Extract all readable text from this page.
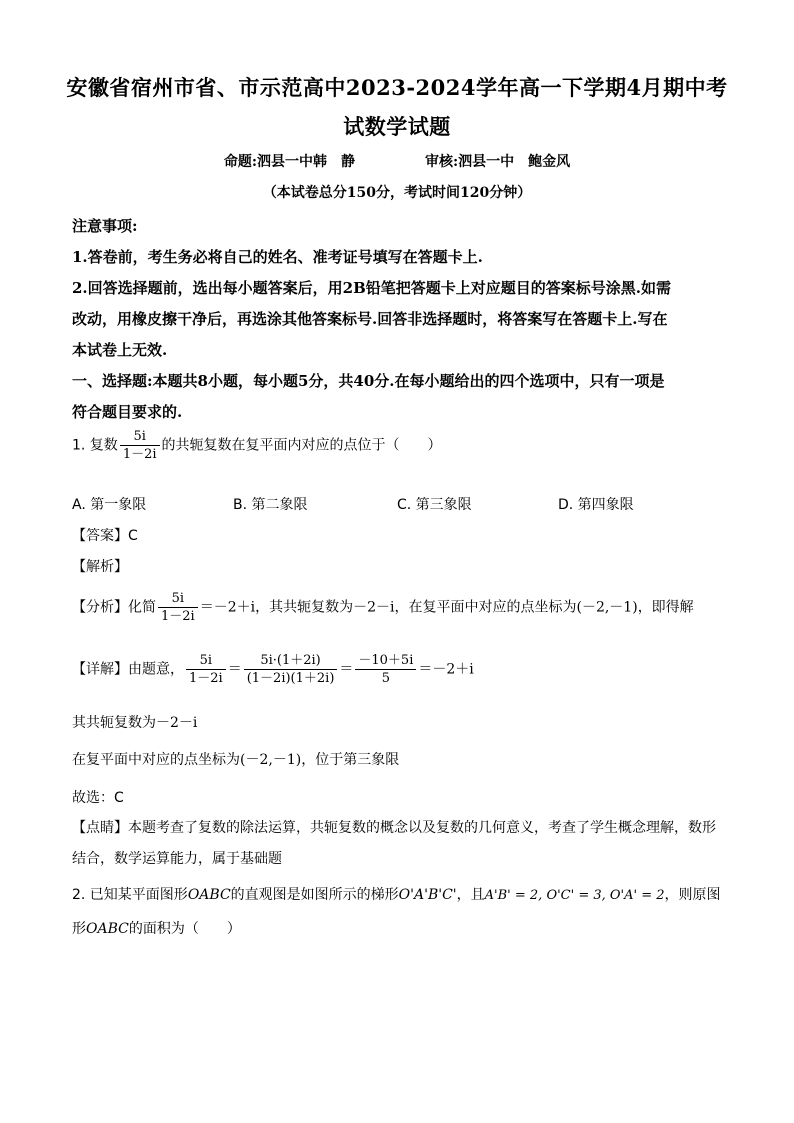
安徽省宿州市省、市示范高中2023-2024学年高一下学期4月期中考
试数学试题
命题:泗县一中韩　静　　　　　审核:泗县一中　鲍金风
（本试卷总分150分，考试时间120分钟）
注意事项:
1.答卷前，考生务必将自己的姓名、准考证号填写在答题卡上.
2.回答选择题前，选出每小题答案后，用2B铅笔把答题卡上对应题目的答案标号涂黑.如需
改动，用橡皮擦干净后，再选涂其他答案标号.回答非选择题时，将答案写在答题卡上.写在
本试卷上无效.
一、选择题:本题共8小题，每小题5分，共40分.在每小题给出的四个选项中，只有一项是
符合题目要求的.
1. 复数 $\frac{5i}{1-2i}$ 的共轭复数在复平面内对应的点位于（　　）
A. 第一象限	B. 第二象限	C. 第三象限	D. 第四象限
【答案】C
【解析】
【分析】化简 $\frac{5i}{1-2i} =-2+i$，其共轭复数为－2－i，在复平面中对应的点坐标为(－2,－1)，即得解
【详解】由题意， $\frac{5i}{1-2i} = \frac{5i\cdot(1+2i)}{(1-2i)(1+2i)} = \frac{-10+5i}{5} =-2+i$
其共轭复数为－2－i
在复平面中对应的点坐标为(－2,－1)，位于第三象限
故选：C
【点睛】本题考查了复数的除法运算，共轭复数的概念以及复数的几何意义，考查了学生概念理解，数形
结合，数学运算能力，属于基础题
2. 已知某平面图形OABC的直观图是如图所示的梯形O'A'B'C'，且A'B' = 2, O'C' = 3, O'A' = 2，则原图
形OABC的面积为（　　）
